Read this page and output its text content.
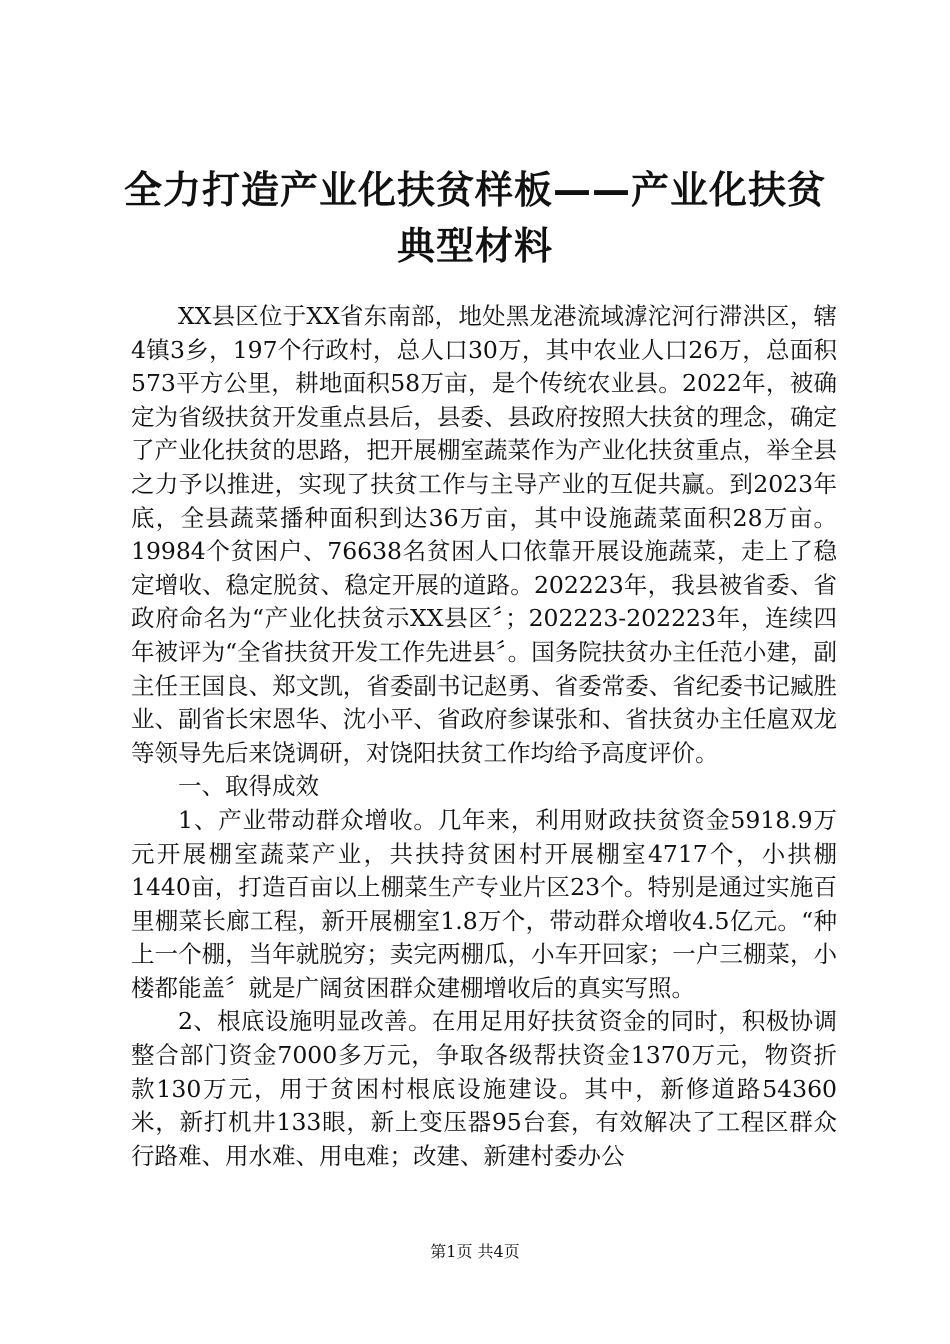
全力打造产业化扶贫样板——产业化扶贫典型材料

XX县区位于XX省东南部，地处黑龙港流域滹沱河行滞洪区，辖4镇3乡，197个行政村，总人口30万，其中农业人口26万，总面积573平方公里，耕地面积58万亩，是个传统农业县。2022年，被确定为省级扶贫开发重点县后，县委、县政府按照大扶贫的理念，确定了产业化扶贫的思路，把开展棚室蔬菜作为产业化扶贫重点，举全县之力予以推进，实现了扶贫工作与主导产业的互促共赢。到2023年底，全县蔬菜播种面积到达36万亩，其中设施蔬菜面积28万亩。19984个贫困户、76638名贫困人口依靠开展设施蔬菜，走上了稳定增收、稳定脱贫、稳定开展的道路。202223年，我县被省委、省政府命名为“产业化扶贫示XX县区〞；202223-202223年，连续四年被评为“全省扶贫开发工作先进县〞。国务院扶贫办主任范小建，副主任王国良、郑文凯，省委副书记赵勇、省委常委、省纪委书记臧胜业、副省长宋恩华、沈小平、省政府参谋张和、省扶贫办主任扈双龙等领导先后来饶调研，对饶阳扶贫工作均给予高度评价。

一、取得成效

1、产业带动群众增收。几年来，利用财政扶贫资金5918.9万元开展棚室蔬菜产业，共扶持贫困村开展棚室4717个，小拱棚1440亩，打造百亩以上棚菜生产专业片区23个。特别是通过实施百里棚菜长廊工程，新开展棚室1.8万个，带动群众增收4.5亿元。“种上一个棚，当年就脱穷；卖完两棚瓜，小车开回家；一户三棚菜，小楼都能盖〞就是广阔贫困群众建棚增收后的真实写照。

2、根底设施明显改善。在用足用好扶贫资金的同时，积极协调整合部门资金7000多万元，争取各级帮扶资金1370万元，物资折款130万元，用于贫困村根底设施建设。其中，新修道路54360米，新打机井133眼，新上变压器95台套，有效解决了工程区群众行路难、用水难、用电难；改建、新建村委办公

第1页 共4页
